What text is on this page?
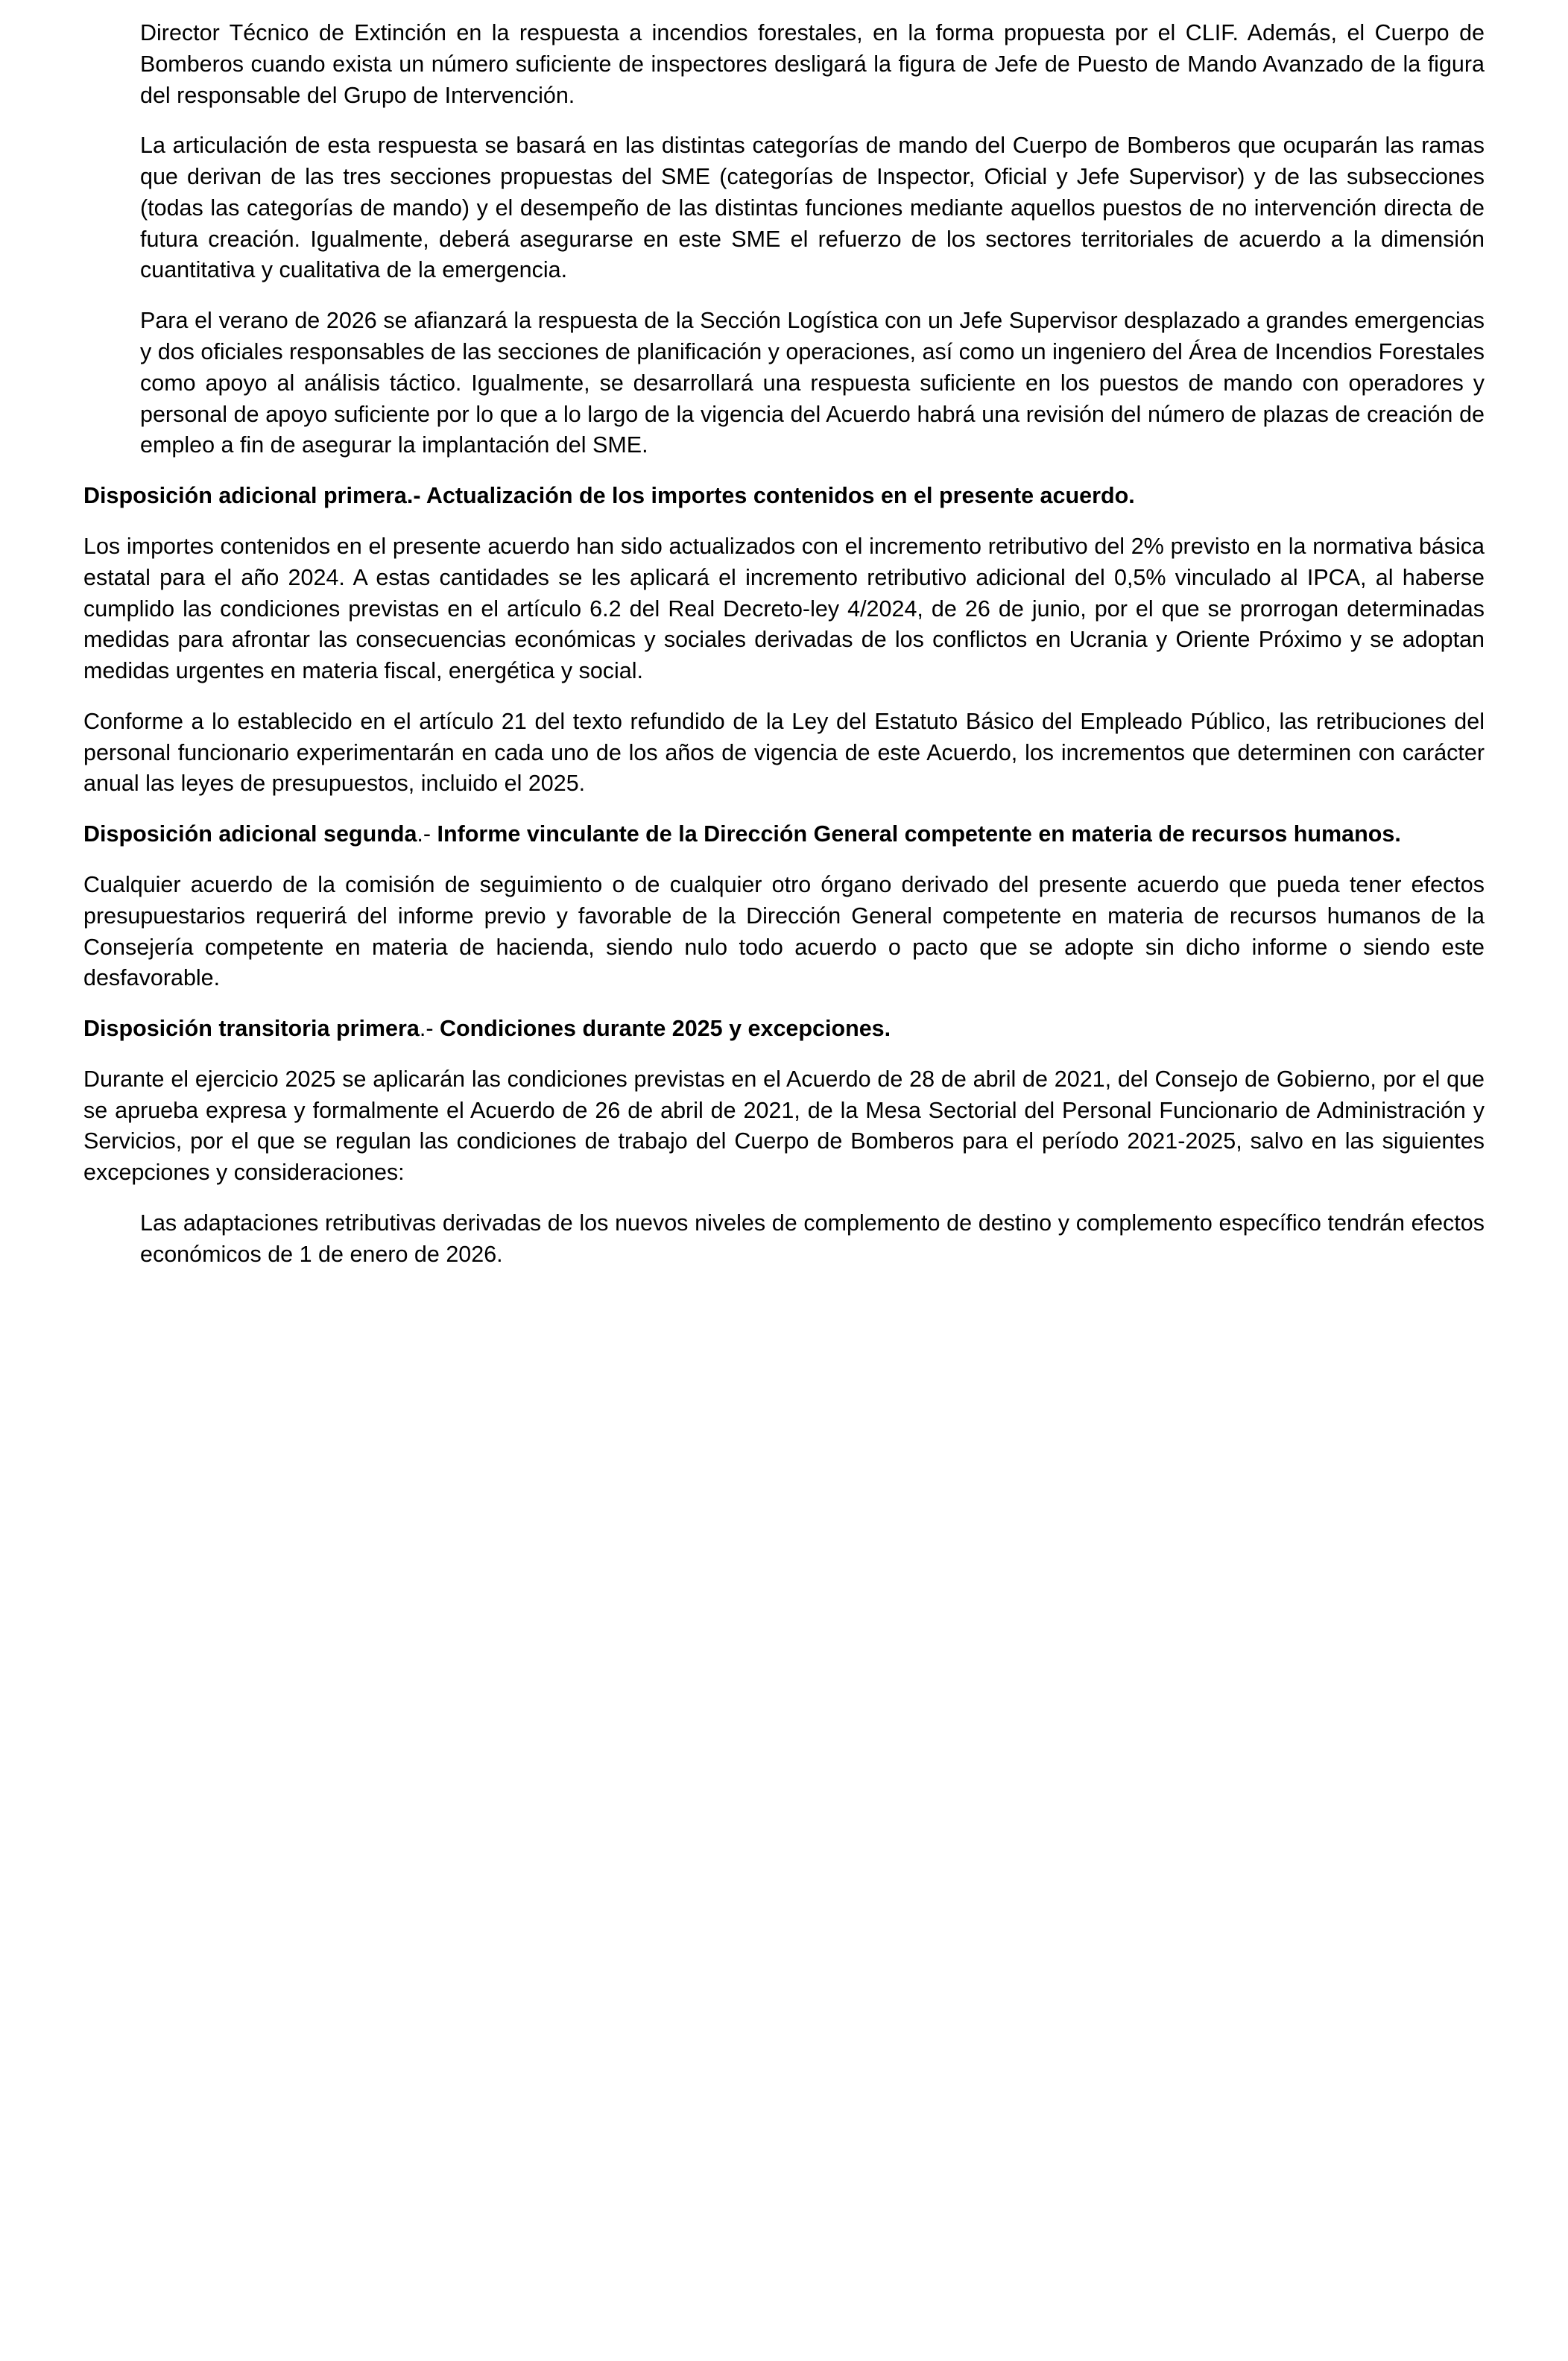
Director Técnico de Extinción en la respuesta a incendios forestales, en la forma propuesta por el CLIF. Además, el Cuerpo de Bomberos cuando exista un número suficiente de inspectores desligará la figura de Jefe de Puesto de Mando Avanzado de la figura del responsable del Grupo de Intervención.

La articulación de esta respuesta se basará en las distintas categorías de mando del Cuerpo de Bomberos que ocuparán las ramas que derivan de las tres secciones propuestas del SME (categorías de Inspector, Oficial y Jefe Supervisor) y de las subsecciones (todas las categorías de mando) y el desempeño de las distintas funciones mediante aquellos puestos de no intervención directa de futura creación. Igualmente, deberá asegurarse en este SME el refuerzo de los sectores territoriales de acuerdo a la dimensión cuantitativa y cualitativa de la emergencia.

Para el verano de 2026 se afianzará la respuesta de la Sección Logística con un Jefe Supervisor desplazado a grandes emergencias y dos oficiales responsables de las secciones de planificación y operaciones, así como un ingeniero del Área de Incendios Forestales como apoyo al análisis táctico. Igualmente, se desarrollará una respuesta suficiente en los puestos de mando con operadores y personal de apoyo suficiente por lo que a lo largo de la vigencia del Acuerdo habrá una revisión del número de plazas de creación de empleo a fin de asegurar la implantación del SME.

Disposición adicional primera.- Actualización de los importes contenidos en el presente acuerdo.

Los importes contenidos en el presente acuerdo han sido actualizados con el incremento retributivo del 2% previsto en la normativa básica estatal para el año 2024. A estas cantidades se les aplicará el incremento retributivo adicional del 0,5% vinculado al IPCA, al haberse cumplido las condiciones previstas en el artículo 6.2 del Real Decreto-ley 4/2024, de 26 de junio, por el que se prorrogan determinadas medidas para afrontar las consecuencias económicas y sociales derivadas de los conflictos en Ucrania y Oriente Próximo y se adoptan medidas urgentes en materia fiscal, energética y social.

Conforme a lo establecido en el artículo 21 del texto refundido de la Ley del Estatuto Básico del Empleado Público, las retribuciones del personal funcionario experimentarán en cada uno de los años de vigencia de este Acuerdo, los incrementos que determinen con carácter anual las leyes de presupuestos, incluido el 2025.

Disposición adicional segunda.- Informe vinculante de la Dirección General competente en materia de recursos humanos.

Cualquier acuerdo de la comisión de seguimiento o de cualquier otro órgano derivado del presente acuerdo que pueda tener efectos presupuestarios requerirá del informe previo y favorable de la Dirección General competente en materia de recursos humanos de la Consejería competente en materia de hacienda, siendo nulo todo acuerdo o pacto que se adopte sin dicho informe o siendo este desfavorable.

Disposición transitoria primera.- Condiciones durante 2025 y excepciones.

Durante el ejercicio 2025 se aplicarán las condiciones previstas en el Acuerdo de 28 de abril de 2021, del Consejo de Gobierno, por el que se aprueba expresa y formalmente el Acuerdo de 26 de abril de 2021, de la Mesa Sectorial del Personal Funcionario de Administración y Servicios, por el que se regulan las condiciones de trabajo del Cuerpo de Bomberos para el período 2021-2025, salvo en las siguientes excepciones y consideraciones:

Las adaptaciones retributivas derivadas de los nuevos niveles de complemento de destino y complemento específico tendrán efectos económicos de 1 de enero de 2026.
